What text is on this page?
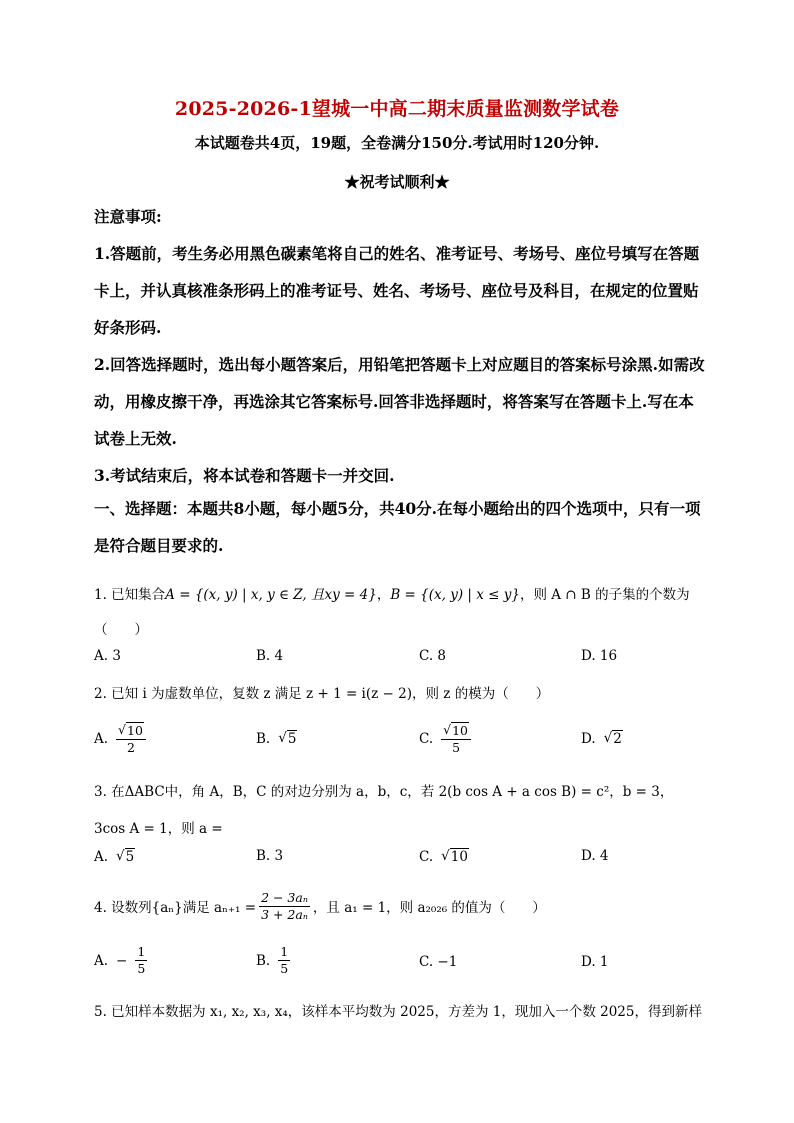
2025-2026-1望城一中高二期末质量监测数学试卷
本试题卷共4页，19题，全卷满分150分.考试用时120分钟.
★祝考试顺利★

注意事项:

1.答题前，考生务必用黑色碳素笔将自己的姓名、准考证号、考场号、座位号填写在答题卡上，并认真核准条形码上的准考证号、姓名、考场号、座位号及科目，在规定的位置贴好条形码.

2.回答选择题时，选出每小题答案后，用铅笔把答题卡上对应题目的答案标号涂黑.如需改动，用橡皮擦干净，再选涂其它答案标号.回答非选择题时，将答案写在答题卡上.写在本试卷上无效.

3.考试结束后，将本试卷和答题卡一并交回.

一、选择题：本题共8小题，每小题5分，共40分.在每小题给出的四个选项中，只有一项是符合题目要求的.

1. 已知集合A = {(x, y) | x, y ∈ Z, 且xy = 4}，B = {(x, y) | x ≤ y}，则 A ∩ B 的子集的个数为
（　　）
A. 3	B. 4	C. 8	D. 16
2. 已知 i 为虚数单位，复数 z 满足 z + 1 = i(z − 2)，则 z 的模为（　　）
A. $\frac{√ 10}{2}$	B. √ 5	C. $\frac{√ 10}{5}$	D. √ 2
3. 在ΔABC中，角 A，B，C 的对边分别为 a，b，c，若 2(b cos A + a cos B) = c²，b = 3，
3cos A = 1，则 a =
A. √ 5	B. 3	C. √ 10	D. 4
4. 设数列{aₙ}满足 $a_{n+1} = \frac{\text{2 − 3aₙ}}{\text{3 + 2aₙ}}$ ，且 a₁ = 1，则 a₂₀₂₆ 的值为（　　）
A. − $\frac{1}{5}$	B. $\frac{1}{5}$	C. −1	D. 1
5. 已知样本数据为 x₁, x₂, x₃, x₄，该样本平均数为 2025，方差为 1，现加入一个数 2025，得到新样
